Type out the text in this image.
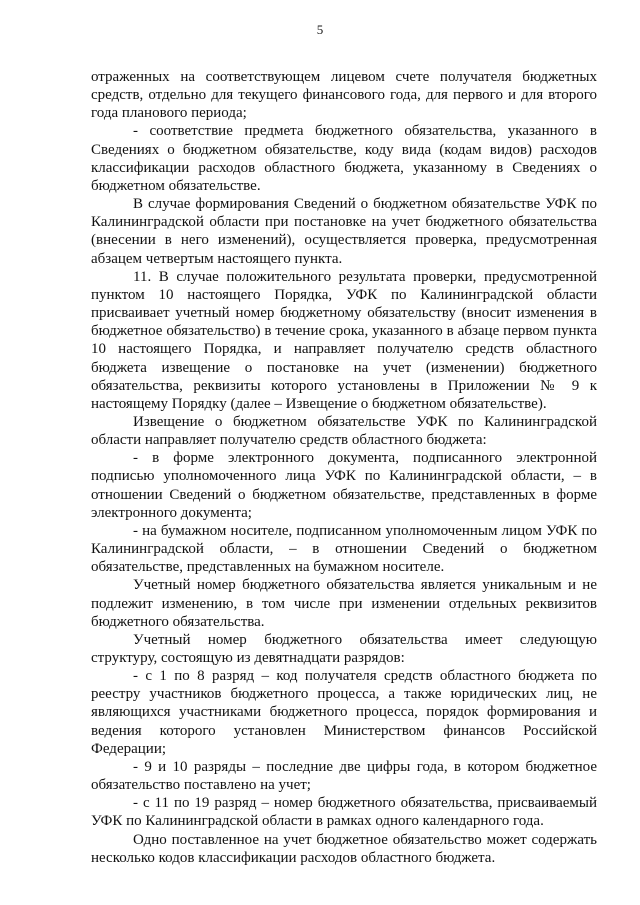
5

отраженных на соответствующем лицевом счете получателя бюджетных средств, отдельно для текущего финансового года, для первого и для второго года планового периода;

- соответствие предмета бюджетного обязательства, указанного в Сведениях о бюджетном обязательстве, коду вида (кодам видов) расходов классификации расходов областного бюджета, указанному в Сведениях о бюджетном обязательстве.

В случае формирования Сведений о бюджетном обязательстве УФК по Калининградской области при постановке на учет бюджетного обязательства (внесении в него изменений), осуществляется проверка, предусмотренная абзацем четвертым настоящего пункта.

11. В случае положительного результата проверки, предусмотренной пунктом 10 настоящего Порядка, УФК по Калининградской области присваивает учетный номер бюджетному обязательству (вносит изменения в бюджетное обязательство) в течение срока, указанного в абзаце первом пункта 10 настоящего Порядка, и направляет получателю средств областного бюджета извещение о постановке на учет (изменении) бюджетного обязательства, реквизиты которого установлены в Приложении № 9 к настоящему Порядку (далее – Извещение о бюджетном обязательстве).

Извещение о бюджетном обязательстве УФК по Калининградской области направляет получателю средств областного бюджета:

- в форме электронного документа, подписанного электронной подписью уполномоченного лица УФК по Калининградской области, – в отношении Сведений о бюджетном обязательстве, представленных в форме электронного документа;

- на бумажном носителе, подписанном уполномоченным лицом УФК по Калининградской области, – в отношении Сведений о бюджетном обязательстве, представленных на бумажном носителе.

Учетный номер бюджетного обязательства является уникальным и не подлежит изменению, в том числе при изменении отдельных реквизитов бюджетного обязательства.

Учетный номер бюджетного обязательства имеет следующую структуру, состоящую из девятнадцати разрядов:

- с 1 по 8 разряд – код получателя средств областного бюджета по реестру участников бюджетного процесса, а также юридических лиц, не являющихся участниками бюджетного процесса, порядок формирования и ведения которого установлен Министерством финансов Российской Федерации;

- 9 и 10 разряды – последние две цифры года, в котором бюджетное обязательство поставлено на учет;

- с 11 по 19 разряд – номер бюджетного обязательства, присваиваемый УФК по Калининградской области в рамках одного календарного года.

Одно поставленное на учет бюджетное обязательство может содержать несколько кодов классификации расходов областного бюджета.
